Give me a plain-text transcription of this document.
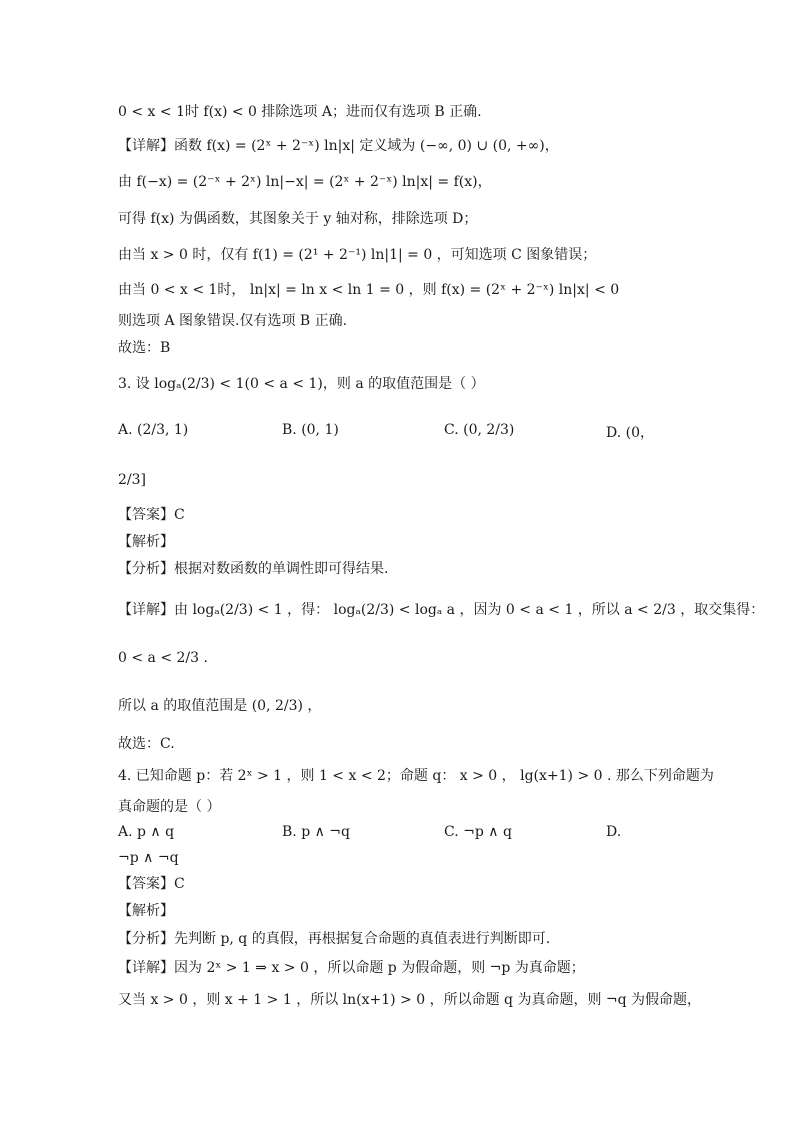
0 < x < 1时 f(x) < 0 排除选项 A；进而仅有选项 B 正确.
【详解】函数 f(x) = (2ˣ + 2⁻ˣ) ln|x| 定义域为 (−∞, 0) ∪ (0, +∞)，
由 f(−x) = (2⁻ˣ + 2ˣ) ln|−x| = (2ˣ + 2⁻ˣ) ln|x| = f(x)，
可得 f(x) 为偶函数，其图象关于 y 轴对称，排除选项 D；
由当 x > 0 时，仅有 f(1) = (2¹ + 2⁻¹) ln|1| = 0 ，可知选项 C 图象错误；
由当 0 < x < 1时， ln|x| = ln x < ln 1 = 0 ，则 f(x) = (2ˣ + 2⁻ˣ) ln|x| < 0
则选项 A 图象错误.仅有选项 B 正确.
故选：B
3. 设 logₐ(2/3) < 1(0 < a < 1)，则 a 的取值范围是（ ）
A. (2/3, 1)	B. (0, 1)	C. (0, 2/3)	D. (0，
2/3]
【答案】C
【解析】
【分析】根据对数函数的单调性即可得结果.
【详解】由 logₐ(2/3) < 1 ，得： logₐ(2/3) < logₐ a ，因为 0 < a < 1 ，所以 a < 2/3 ，取交集得：
0 < a < 2/3 .
所以 a 的取值范围是 (0, 2/3) ，
故选：C.
4. 已知命题 p：若 2ˣ > 1 ，则 1 < x < 2；命题 q： x > 0 ， lg(x+1) > 0 . 那么下列命题为
真命题的是（ ）
A. p ∧ q	B. p ∧ ¬q	C. ¬p ∧ q	D.
¬p ∧ ¬q
【答案】C
【解析】
【分析】先判断 p, q 的真假，再根据复合命题的真值表进行判断即可.
【详解】因为 2ˣ > 1 ⇒ x > 0 ，所以命题 p 为假命题，则 ¬p 为真命题；
又当 x > 0 ，则 x + 1 > 1 ，所以 ln(x+1) > 0 ，所以命题 q 为真命题，则 ¬q 为假命题，
